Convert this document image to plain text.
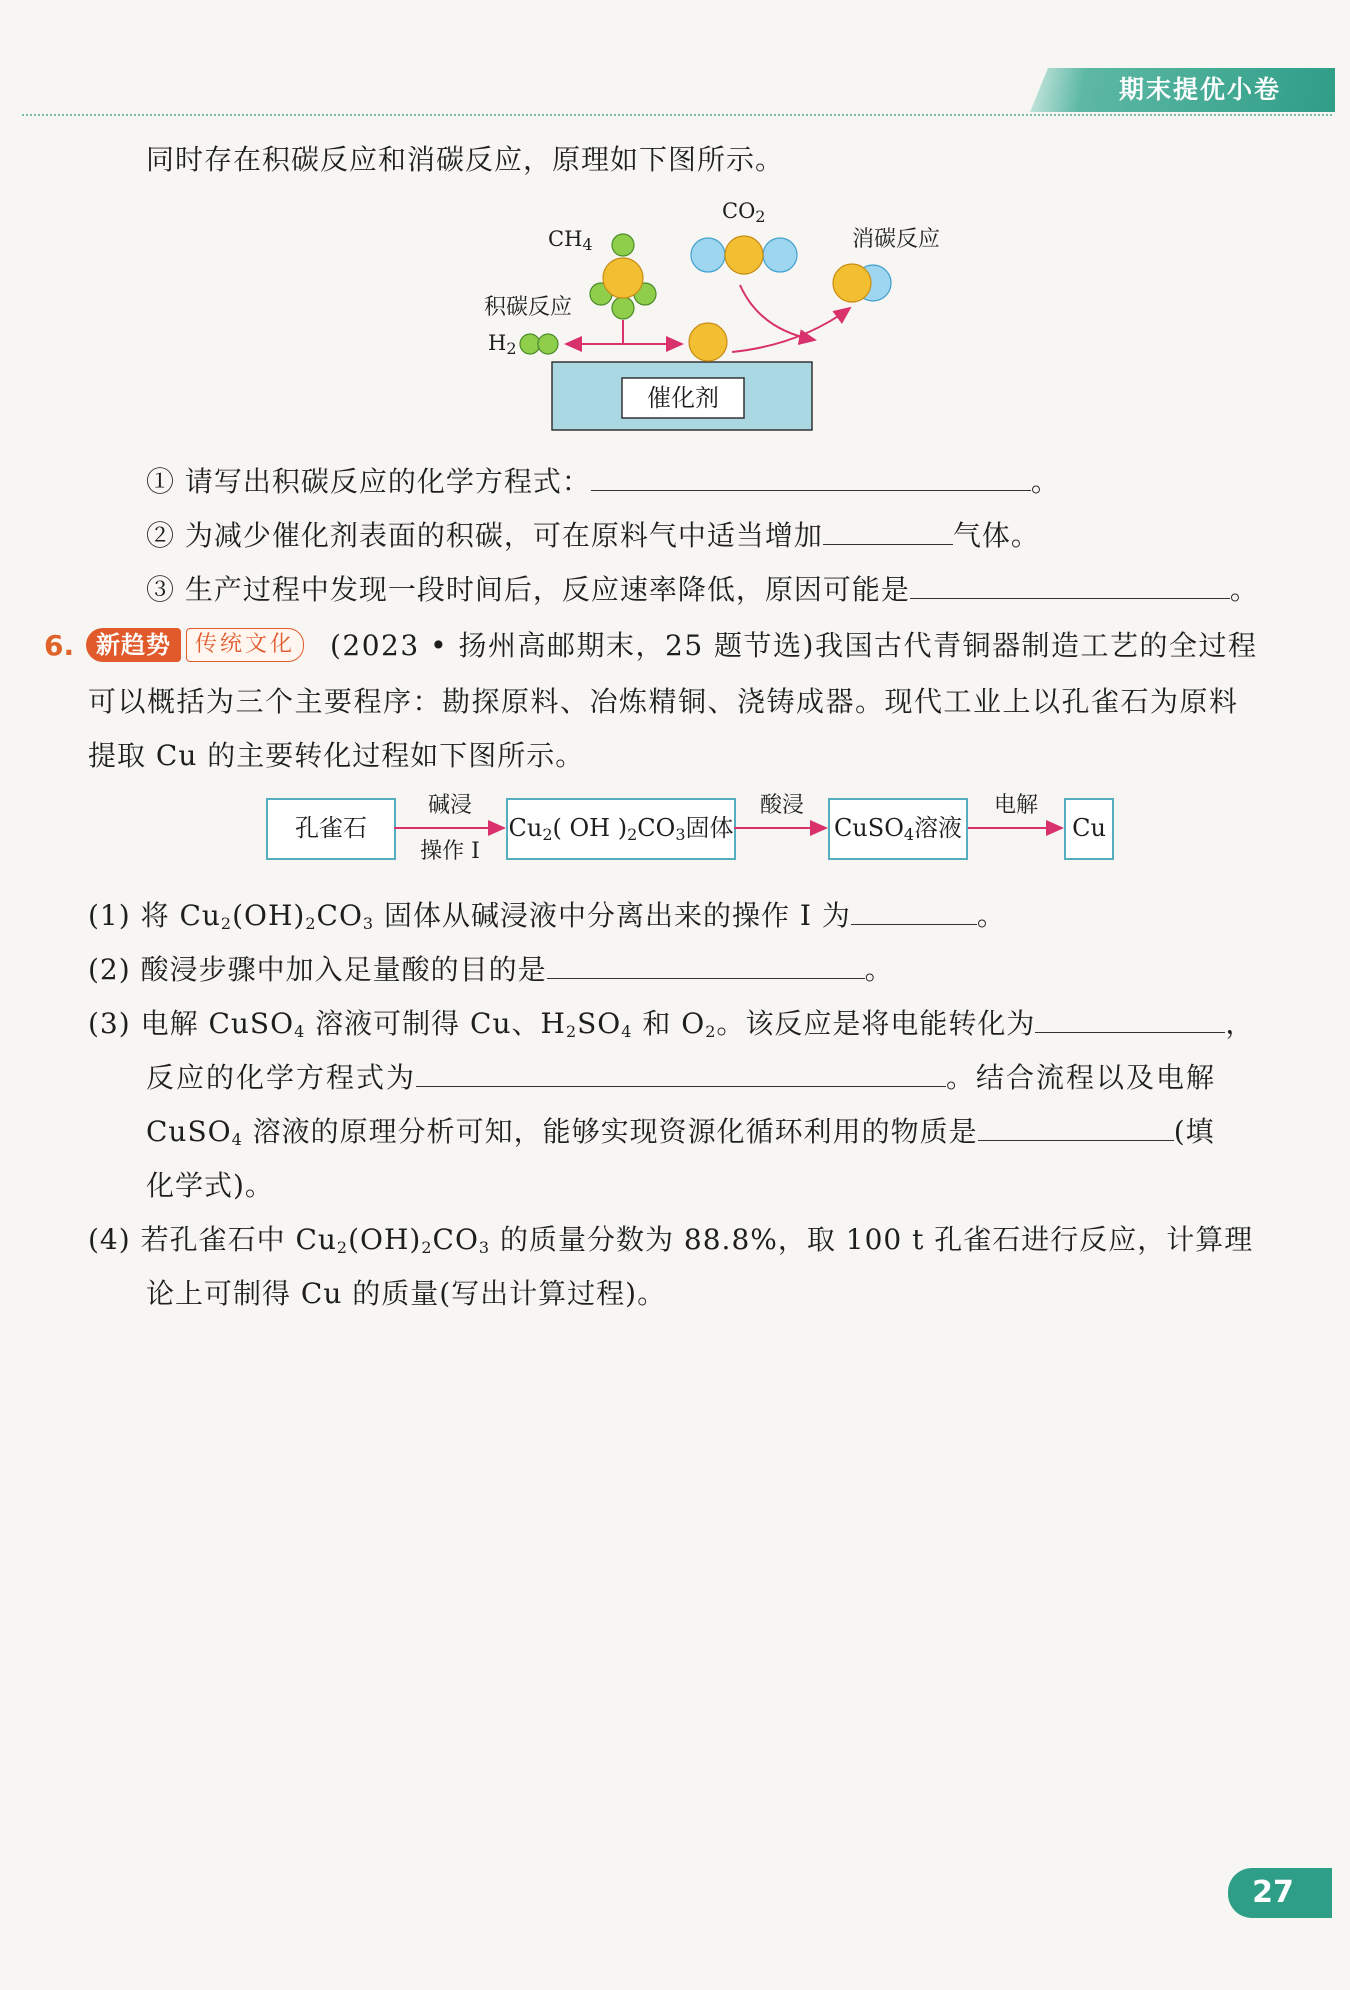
期末提优小卷
同时存在积碳反应和消碳反应，原理如下图所示。
$CH_4$
$CO_2$
$H_2$
积碳反应
消碳反应
催化剂
① 请写出积碳反应的化学方程式：	。
② 为减少催化剂表面的积碳，可在原料气中适当增加	气体。
③ 生产过程中发现一段时间后，反应速率降低，原因可能是	。
6. 新趋势	传统文化	(2023 • 扬州高邮期末，25 题节选)我国古代青铜器制造工艺的全过程
可以概括为三个主要程序：勘探原料、冶炼精铜、浇铸成器。现代工业上以孔雀石为原料
提取 Cu 的主要转化过程如下图所示。
孔雀石	$Cu_2$( OH )$_2CO_3$固体	CuSO$_4$溶液	Cu
碱浸
操作 Ⅰ
酸浸	电解
(1) 将 $Cu_2(OH)_2CO_3$ 固体从碱浸液中分离出来的操作 Ⅰ 为	。
(2) 酸浸步骤中加入足量酸的目的是	。
(3) 电解 CuSO$_4$ 溶液可制得 Cu、$H_2SO_4$ 和 $O_2$。该反应是将电能转化为	，
反应的化学方程式为	。结合流程以及电解
CuSO$_4$ 溶液的原理分析可知，能够实现资源化循环利用的物质是	(填
化学式)。
(4) 若孔雀石中 $Cu_2(OH)_2CO_3$ 的质量分数为 88.8%，取 100 t 孔雀石进行反应，计算理
论上可制得 Cu 的质量(写出计算过程)。
27
